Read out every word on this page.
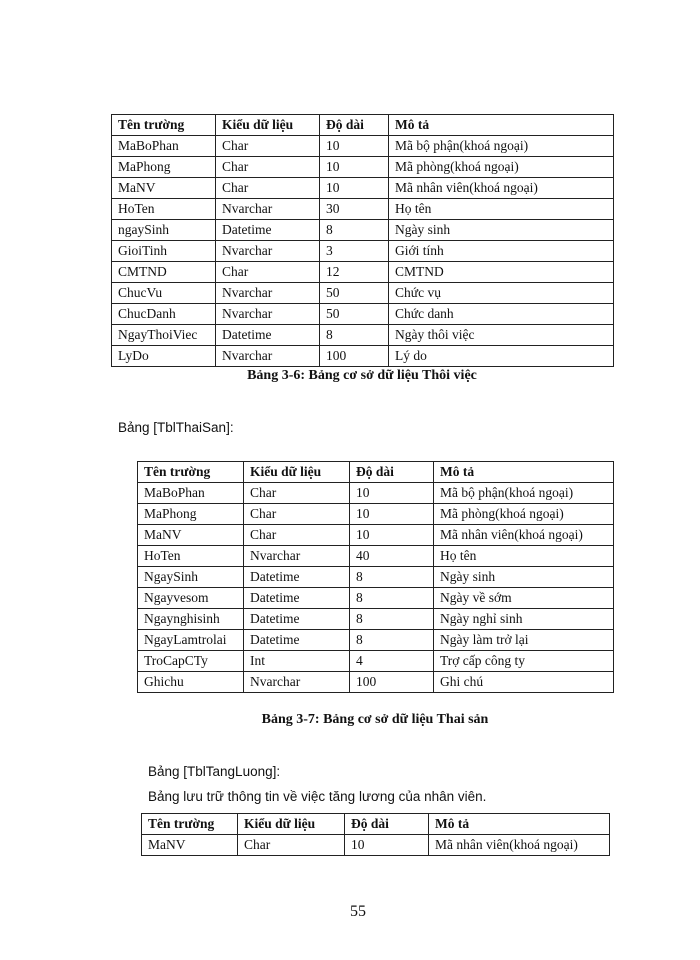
Tên trường	Kiểu dữ liệu	Độ dài	Mô tả
MaBoPhan	Char	10	Mã bộ phận(khoá ngoại)
MaPhong	Char	10	Mã phòng(khoá ngoại)
MaNV	Char	10	Mã nhân viên(khoá ngoại)
HoTen	Nvarchar	30	Họ tên
ngaySinh	Datetime	8	Ngày sinh
GioiTinh	Nvarchar	3	Giới tính
CMTND	Char	12	CMTND
ChucVu	Nvarchar	50	Chức vụ
ChucDanh	Nvarchar	50	Chức danh
NgayThoiViec	Datetime	8	Ngày thôi việc
LyDo	Nvarchar	100	Lý do
Bảng 3-6: Bảng cơ sở dữ liệu Thôi việc
Bảng [TblThaiSan]:
Tên trường	Kiểu dữ liệu	Độ dài	Mô tả
MaBoPhan	Char	10	Mã bộ phận(khoá ngoại)
MaPhong	Char	10	Mã phòng(khoá ngoại)
MaNV	Char	10	Mã nhân viên(khoá ngoại)
HoTen	Nvarchar	40	Họ tên
NgaySinh	Datetime	8	Ngày sinh
Ngayvesom	Datetime	8	Ngày về sớm
Ngaynghisinh	Datetime	8	Ngày nghỉ sinh
NgayLamtrolai	Datetime	8	Ngày làm trở lại
TroCapCTy	Int	4	Trợ cấp công ty
Ghichu	Nvarchar	100	Ghi chú
Bảng 3-7: Bảng cơ sở dữ liệu Thai sản
Bảng [TblTangLuong]:
Bảng lưu trữ thông tin về việc tăng lương của nhân viên.
Tên trường	Kiểu dữ liệu	Độ dài	Mô tả
MaNV	Char	10	Mã nhân viên(khoá ngoại)
55
